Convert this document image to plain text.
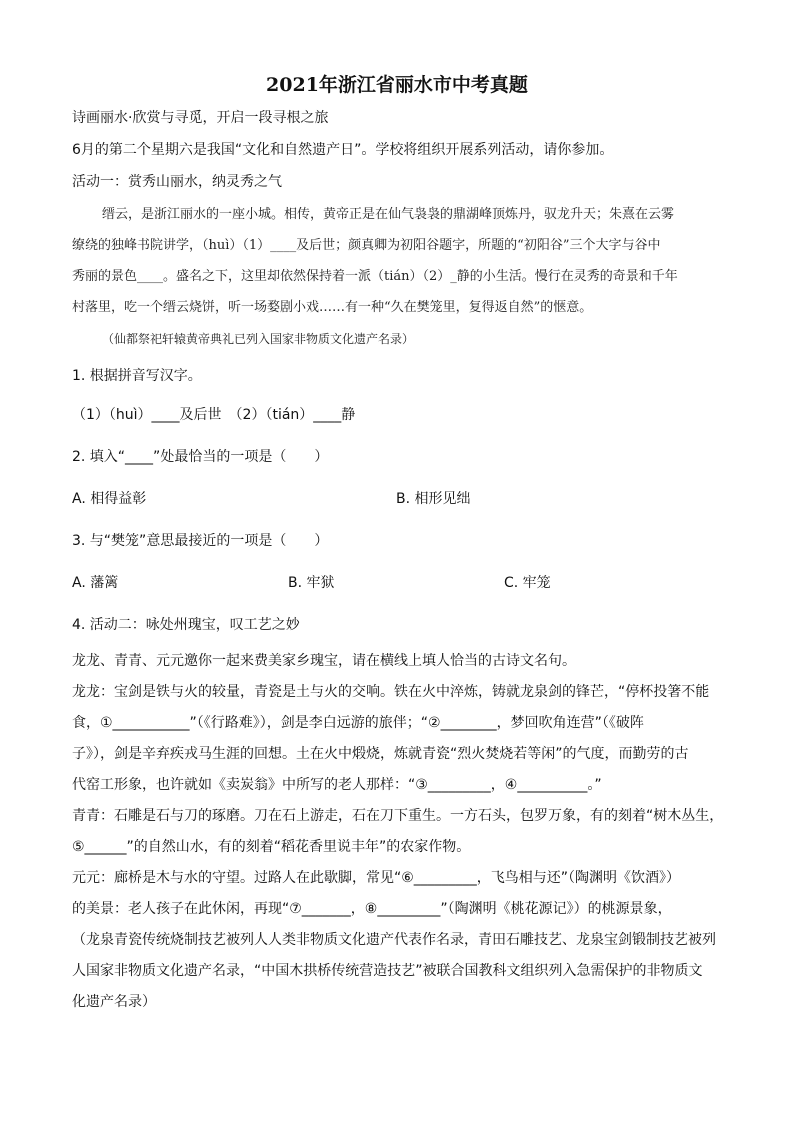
2021年浙江省丽水市中考真题
诗画丽水·欣赏与寻觅，开启一段寻根之旅
6月的第二个星期六是我国“文化和自然遗产日”。学校将组织开展系列活动，请你参加。
活动一：赏秀山丽水，纳灵秀之气
缙云，是浙江丽水的一座小城。相传，黄帝正是在仙气袅袅的鼎湖峰顶炼丹，驭龙升天；朱熹在云雾
缭绕的独峰书院讲学，（huì）（1）____及后世；颜真卿为初阳谷题字，所题的“初阳谷”三个大字与谷中
秀丽的景色____。盛名之下，这里却依然保持着一派（tián）（2）_静的小生活。慢行在灵秀的奇景和千年
村落里，吃一个缙云烧饼，听一场婺剧小戏……有一种“久在樊笼里，复得返自然”的惬意。
（仙都祭祀轩辕黄帝典礼已列入国家非物质文化遗产名录）
1. 根据拼音写汉字。
（1）（huì）____及后世　（2）（tián）____静
2. 填入“____”处最恰当的一项是（　　）
A. 相得益彰	B. 相形见绌
3. 与“樊笼”意思最接近的一项是（　　）
A. 藩篱	B. 牢狱	C. 牢笼
4. 活动二：咏处州瑰宝，叹工艺之妙
龙龙、青青、元元邀你一起来费美家乡瑰宝，请在横线上填人恰当的古诗文名句。
龙龙：宝剑是铁与火的较量，青瓷是土与火的交响。铁在火中淬炼，铸就龙泉剑的锋芒，“停杯投箸不能
食，①___________”（《行路难》），剑是李白远游的旅伴；“②________，梦回吹角连营”（《破阵
子》），剑是辛弃疾戎马生涯的回想。土在火中煅烧，炼就青瓷“烈火焚烧若等闲”的气度，而勤劳的古
代窑工形象，也许就如《卖炭翁》中所写的老人那样：“③_________，④__________。”
青青：石雕是石与刀的琢磨。刀在石上游走，石在刀下重生。一方石头，包罗万象，有的刻着“树木丛生，
⑤______”的自然山水，有的刻着“稻花香里说丰年”的农家作物。
元元：廊桥是木与水的守望。过路人在此歇脚，常见“⑥_________，飞鸟相与还”（陶渊明《饮酒》）
的美景：老人孩子在此休闲，再现“⑦_______，⑧_________”（陶渊明《桃花源记》）的桃源景象，
（龙泉青瓷传统烧制技艺被列人人类非物质文化遗产代表作名录，青田石雕技艺、龙泉宝剑锻制技艺被列
人国家非物质文化遗产名录，“中国木拱桥传统营造技艺”被联合国教科文组织列入急需保护的非物质文
化遗产名录）
